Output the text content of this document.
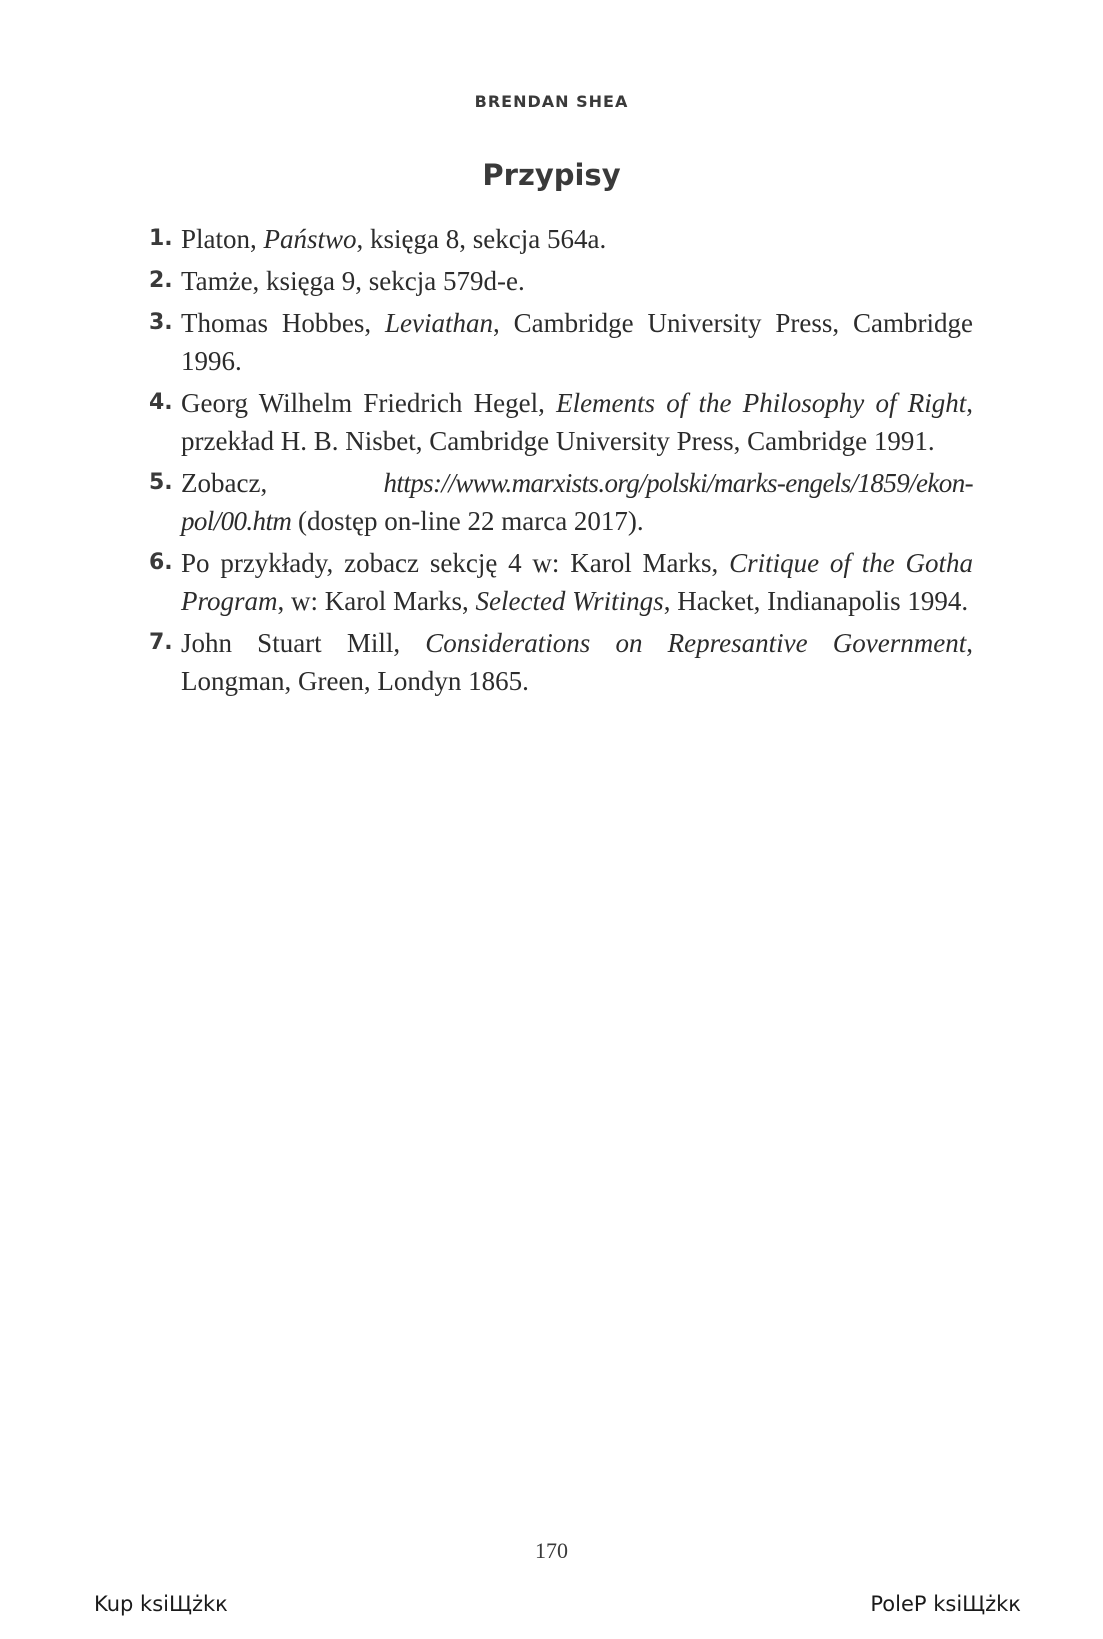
BRENDAN SHEA
Przypisy
1. Platon, Państwo, księga 8, sekcja 564a.
2. Tamże, księga 9, sekcja 579d-e.
3. Thomas Hobbes, Leviathan, Cambridge University Press, Cambridge 1996.
4. Georg Wilhelm Friedrich Hegel, Elements of the Philosophy of Right, przekład H. B. Nisbet, Cambridge University Press, Cambridge 1991.
5. Zobacz, https://www.marxists.org/polski/marks-engels/1859/ekon-pol/00.htm (dostęp on-line 22 marca 2017).
6. Po przykłady, zobacz sekcję 4 w: Karol Marks, Critique of the Gotha Program, w: Karol Marks, Selected Writings, Hacket, Indianapolis 1994.
7. John Stuart Mill, Considerations on Represantive Government, Longman, Green, Londyn 1865.
170
Kup ksiЩżkк	PoleР ksiЩżkк
